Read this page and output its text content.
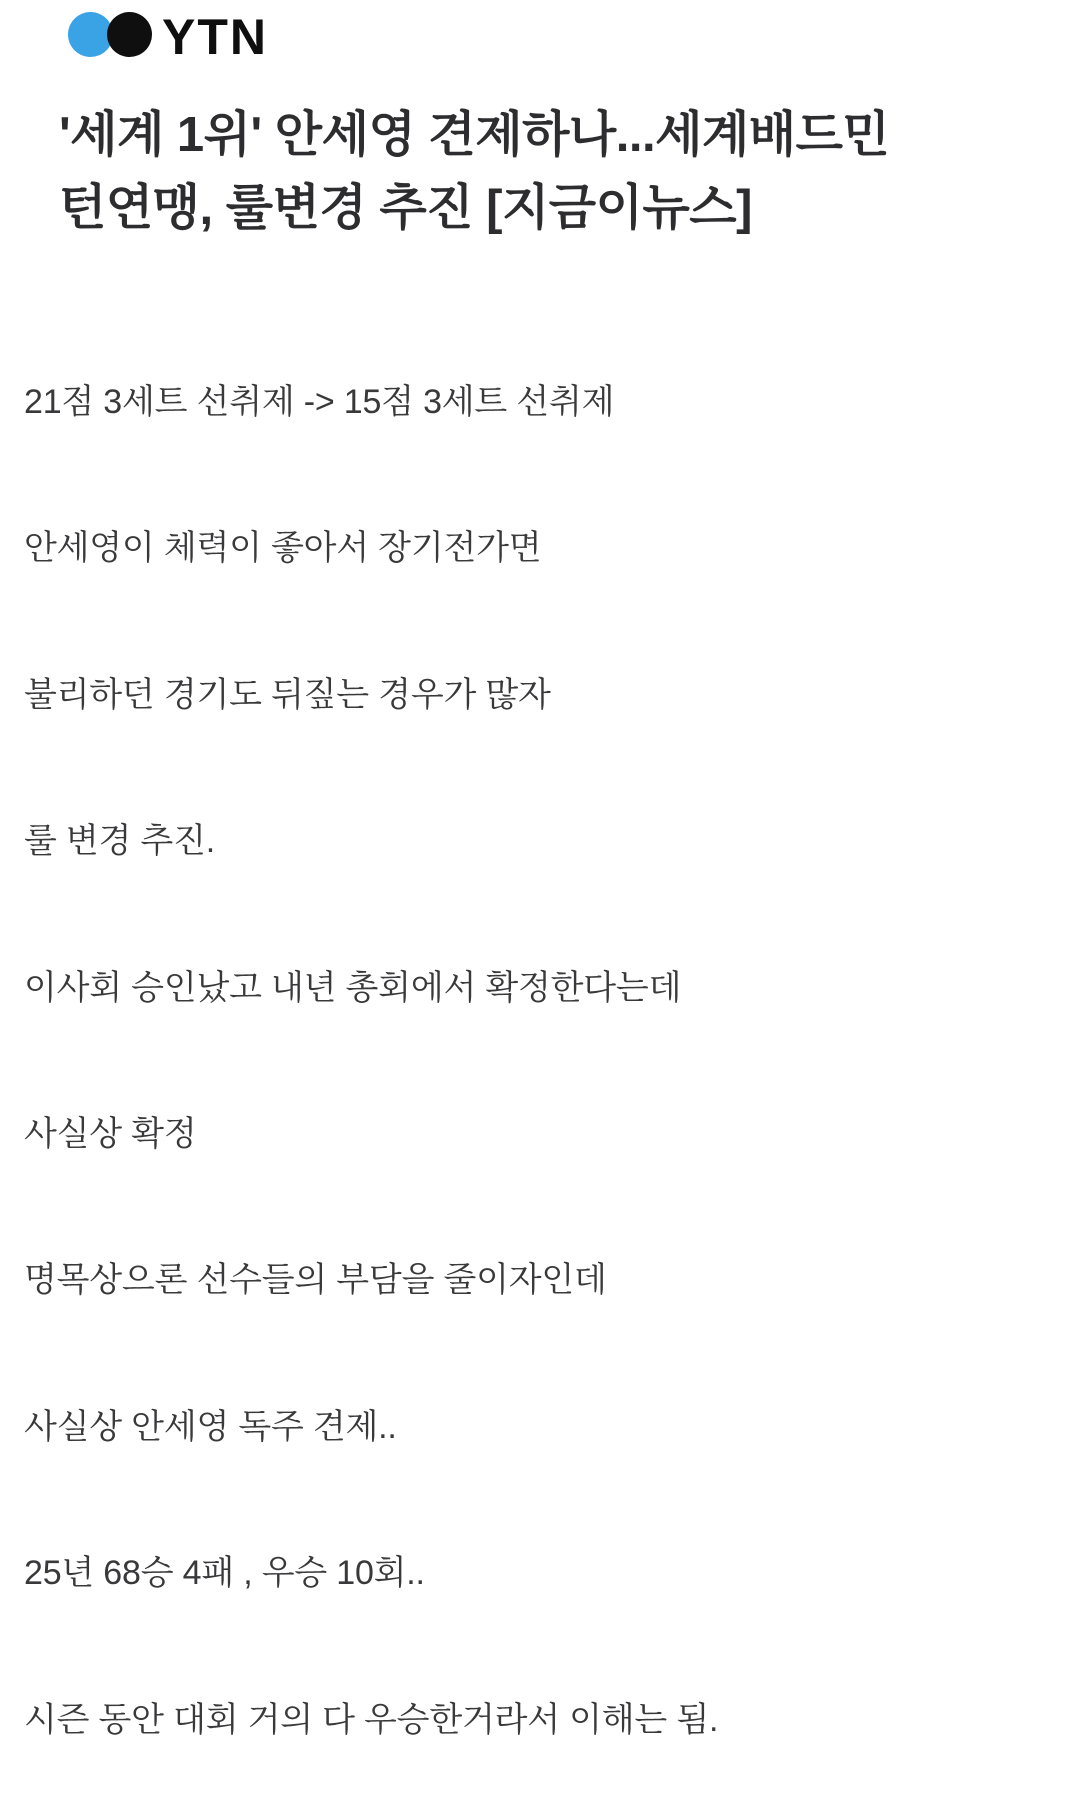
YTN
'세계 1위' 안세영 견제하나...세계배드민
턴연맹, 룰변경 추진 [지금이뉴스]

21점 3세트 선취제 -> 15점 3세트 선취제

안세영이 체력이 좋아서 장기전가면

불리하던 경기도 뒤짚는 경우가 많자

룰 변경 추진.

이사회 승인났고 내년 총회에서 확정한다는데

사실상 확정

명목상으론 선수들의 부담을 줄이자인데

사실상 안세영 독주 견제..

25년 68승 4패 , 우승 10회..

시즌 동안 대회 거의 다 우승한거라서 이해는 됨.
